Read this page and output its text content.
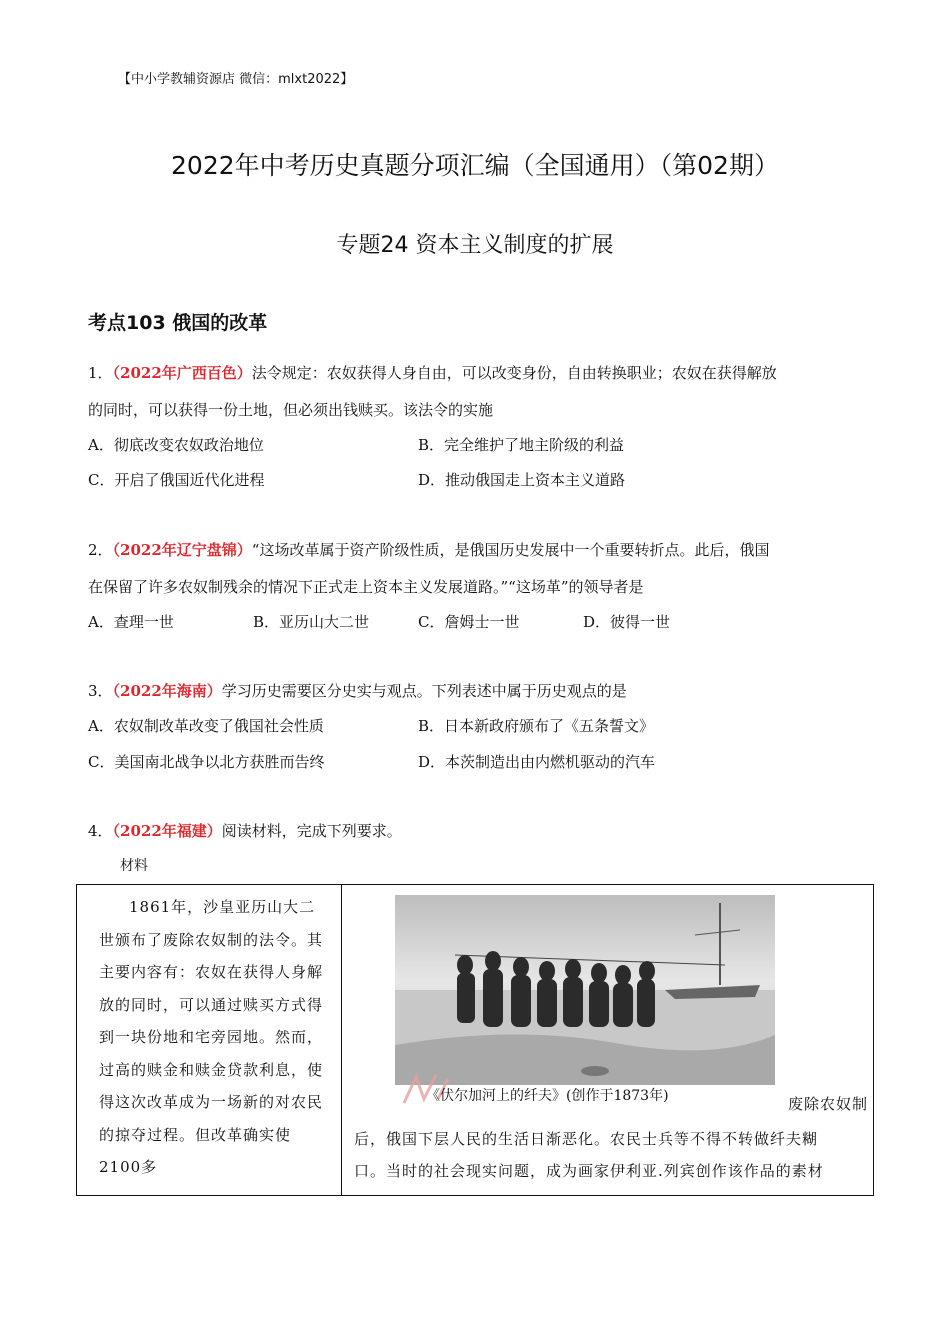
【中小学教辅资源店 微信：mlxt2022】
2022年中考历史真题分项汇编（全国通用）（第02期）
专题24 资本主义制度的扩展
考点103 俄国的改革
1．（2022年广西百色）法令规定：农奴获得人身自由，可以改变身份，自由转换职业；农奴在获得解放
的同时，可以获得一份土地，但必须出钱赎买。该法令的实施
A．彻底改变农奴政治地位	B．完全维护了地主阶级的利益
C．开启了俄国近代化进程	D．推动俄国走上资本主义道路
2．（2022年辽宁盘锦）“这场改革属于资产阶级性质，是俄国历史发展中一个重要转折点。此后，俄国
在保留了许多农奴制残余的情况下正式走上资本主义发展道路。”“这场革”的领导者是
A．查理一世	B．亚历山大二世	C．詹姆士一世	D．彼得一世
3．（2022年海南）学习历史需要区分史实与观点。下列表述中属于历史观点的是
A．农奴制改革改变了俄国社会性质	B．日本新政府颁布了《五条誓文》
C．美国南北战争以北方获胜而告终	D．本茨制造出由内燃机驱动的汽车
4．（2022年福建）阅读材料，完成下列要求。
材料
1861年，沙皇亚历山大二世颁布了废除农奴制的法令。其主要内容有：农奴在获得人身解放的同时，可以通过赎买方式得到一块份地和宅旁园地。然而，过高的赎金和赎金贷款利息，使得这次改革成为一场新的对农民的掠夺过程。但改革确实使2100多

《伏尔加河上的纤夫》(创作于1873年)	废除农奴制
后，俄国下层人民的生活日渐恶化。农民士兵等不得不转做纤夫糊
口。当时的社会现实问题，成为画家伊利亚.列宾创作该作品的素材
